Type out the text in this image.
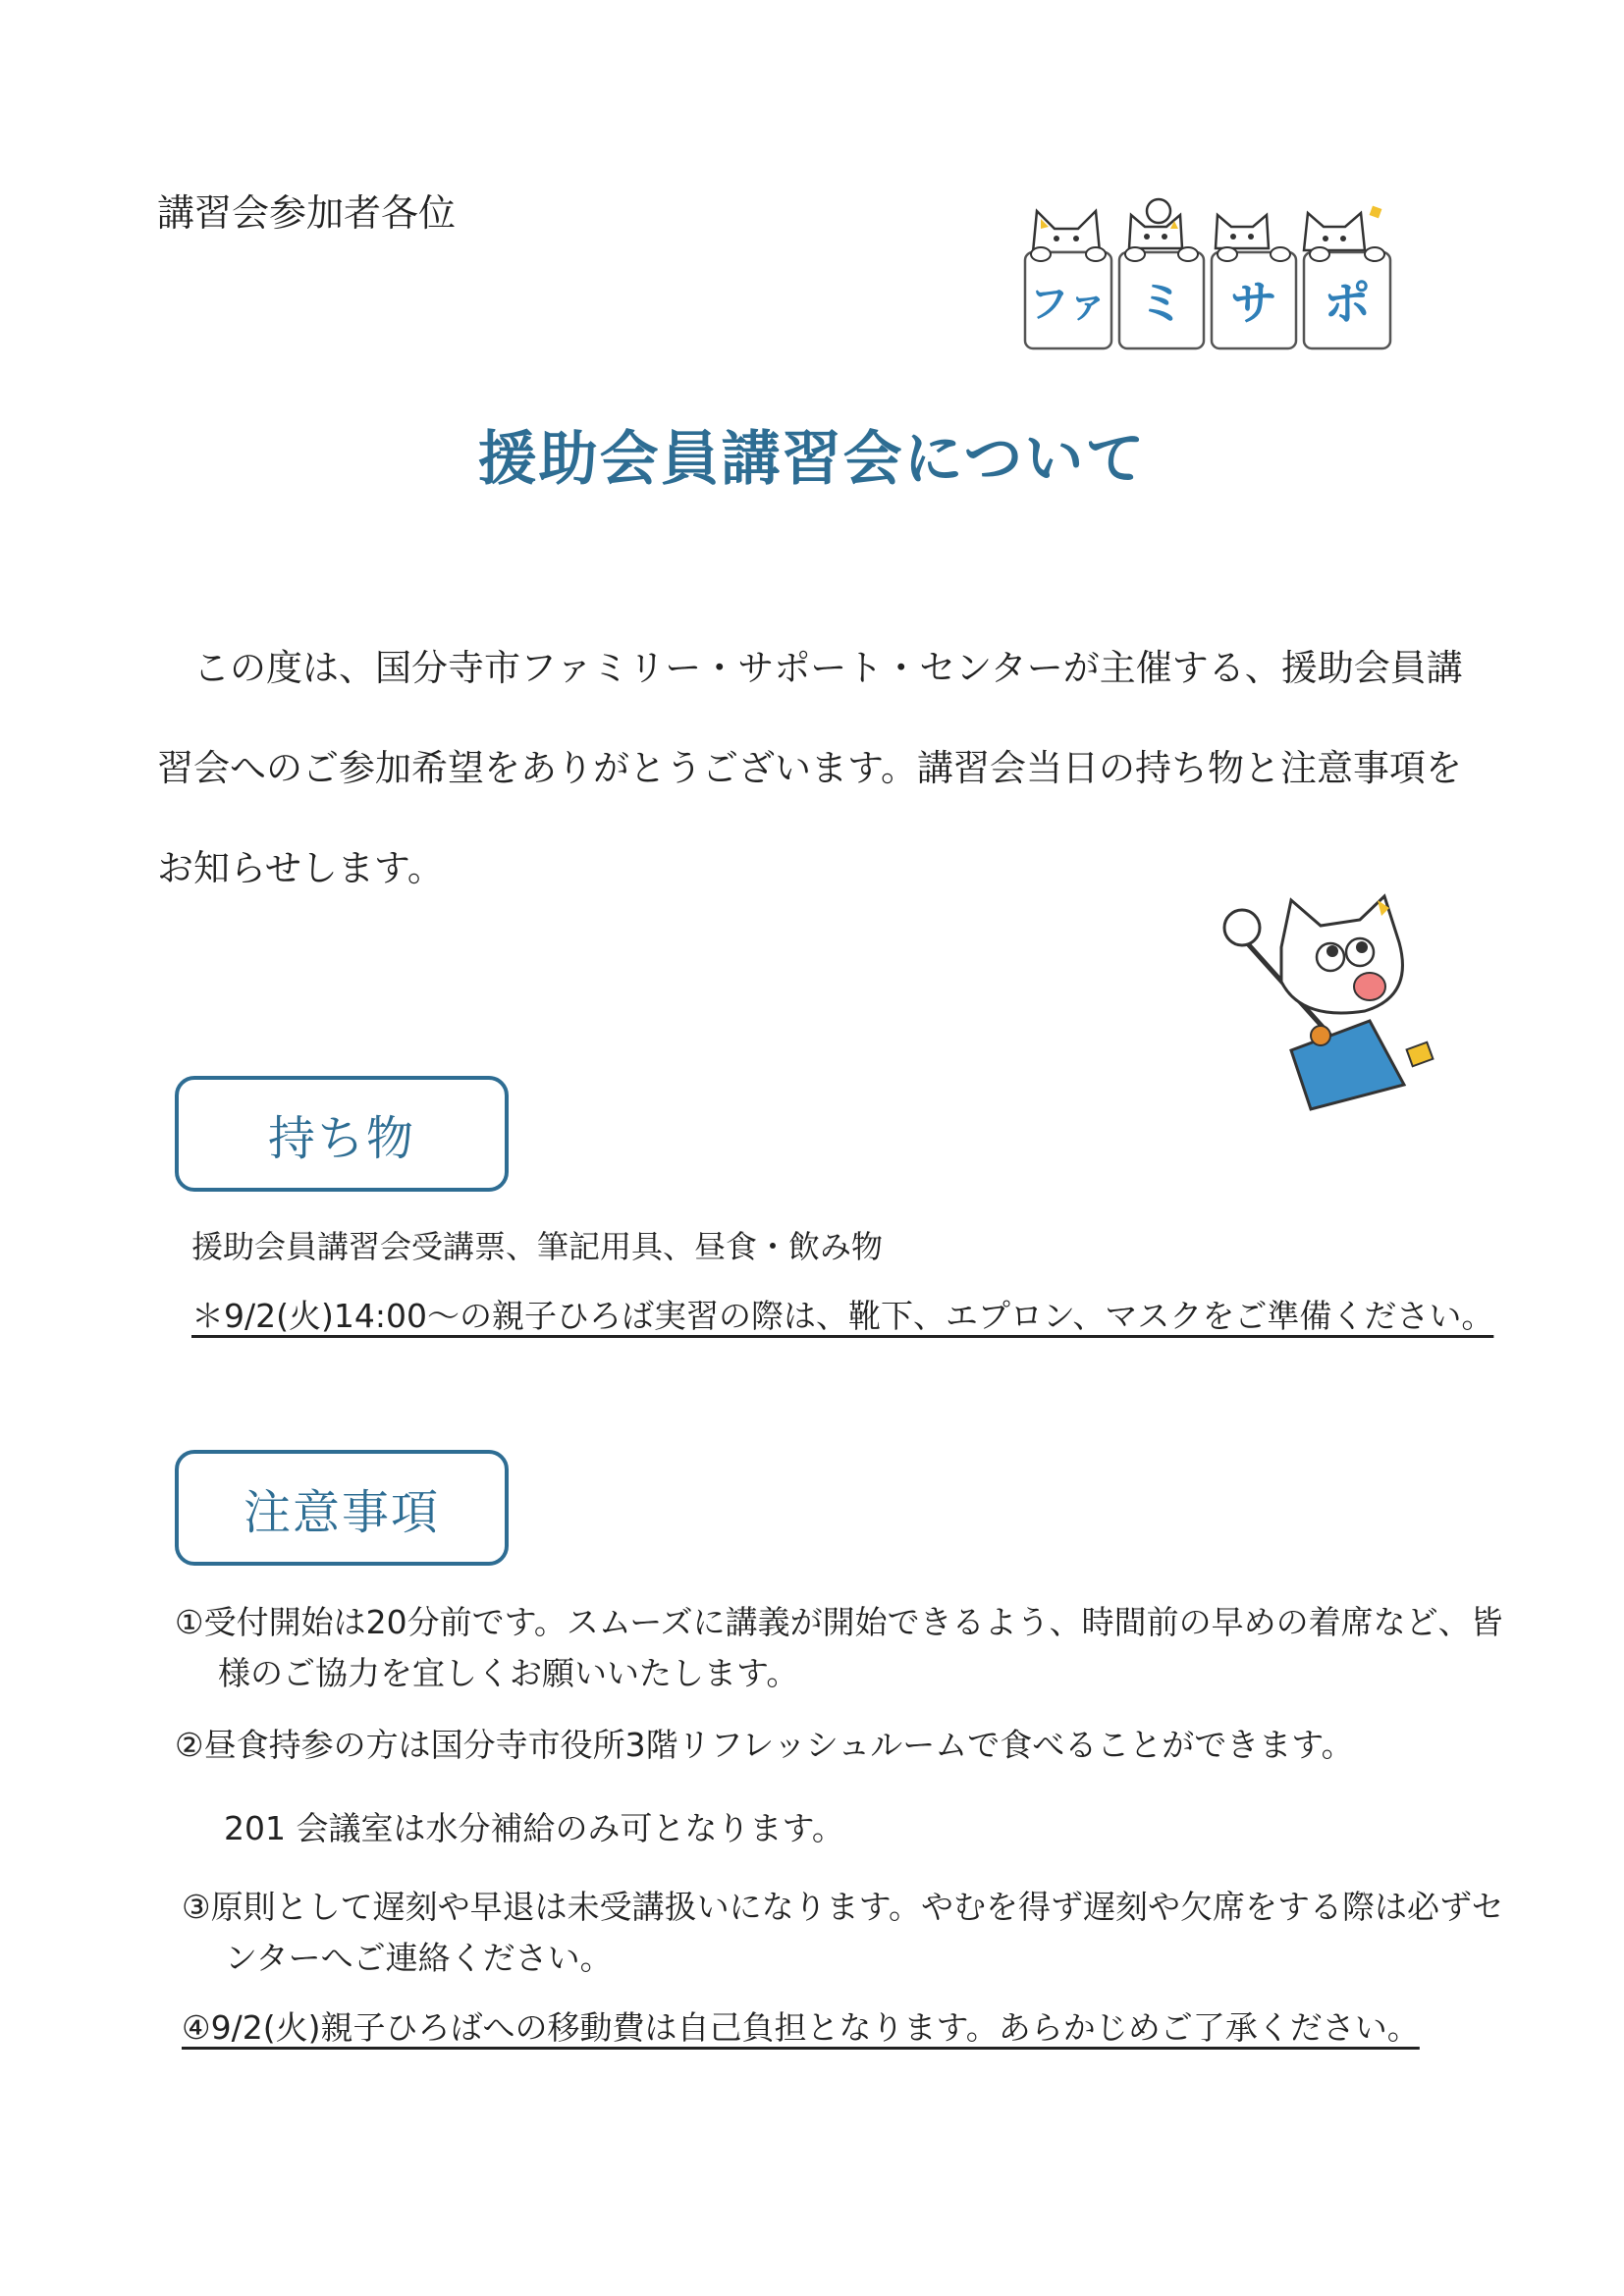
講習会参加者各位
ファ ミ サ ポ
援助会員講習会について

この度は、国分寺市ファミリー・サポート・センターが主催する、援助会員講習会へのご参加希望をありがとうございます。講習会当日の持ち物と注意事項をお知らせします。

持ち物
援助会員講習会受講票、筆記用具、昼食・飲み物
＊9/2(火)14:00～の親子ひろば実習の際は、靴下、エプロン、マスクをご準備ください。
注意事項
①受付開始は20分前です。スムーズに講義が開始できるよう、時間前の早めの着席など、皆様のご協力を宜しくお願いいたします。
②昼食持参の方は国分寺市役所3階リフレッシュルームで食べることができます。
201 会議室は水分補給のみ可となります。
③原則として遅刻や早退は未受講扱いになります。やむを得ず遅刻や欠席をする際は必ずセンターへご連絡ください。
④9/2(火)親子ひろばへの移動費は自己負担となります。あらかじめご了承ください。
